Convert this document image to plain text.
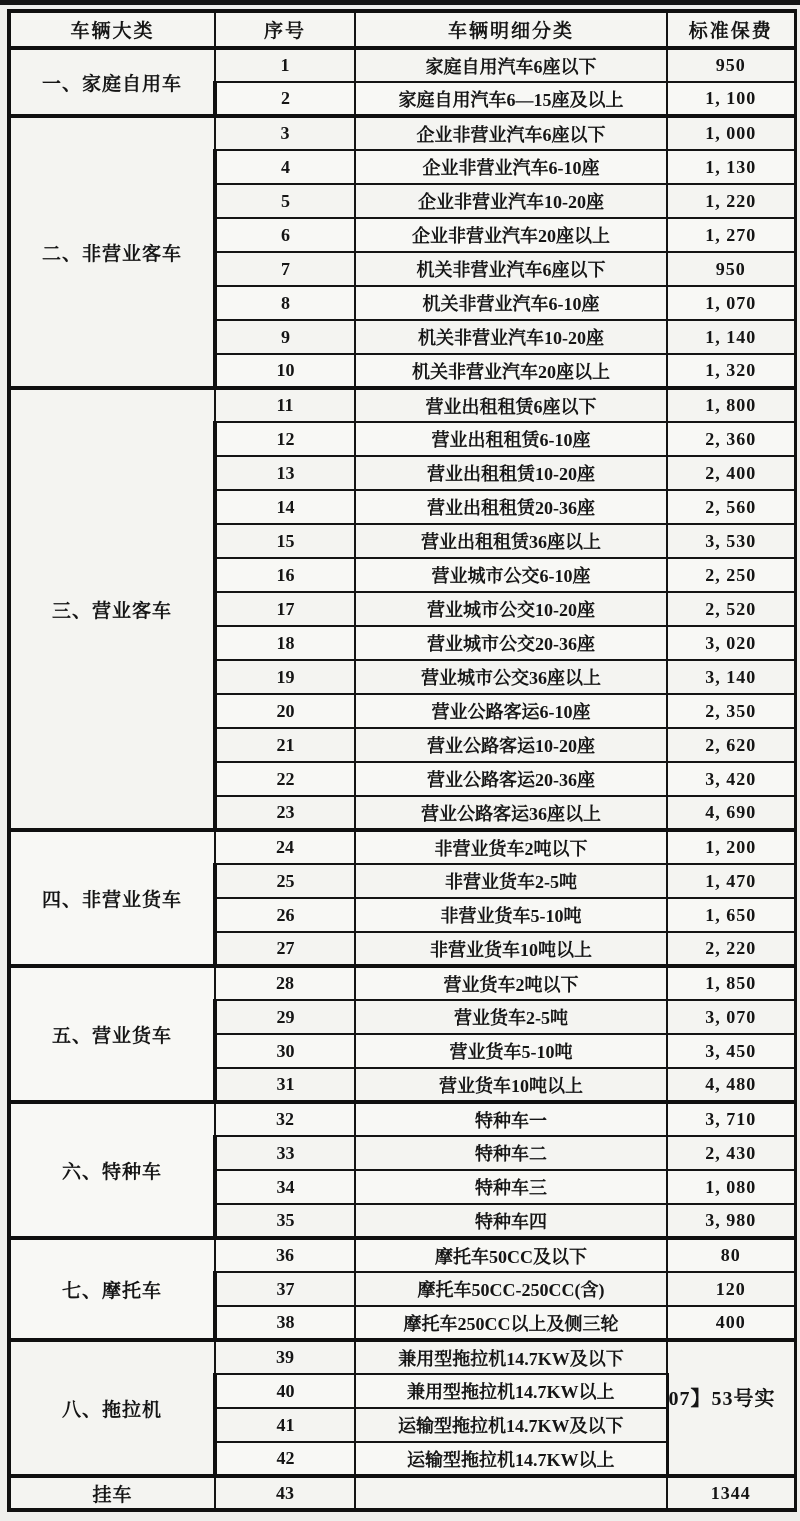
车辆大类	序号	车辆明细分类	标准保费
一、家庭自用车	1	家庭自用汽车6座以下	950
	2	家庭自用汽车6—15座及以上	1, 100
二、非营业客车	3	企业非营业汽车6座以下	1, 000
	4	企业非营业汽车6-10座	1, 130
	5	企业非营业汽车10-20座	1, 220
	6	企业非营业汽车20座以上	1, 270
	7	机关非营业汽车6座以下	950
	8	机关非营业汽车6-10座	1, 070
	9	机关非营业汽车10-20座	1, 140
	10	机关非营业汽车20座以上	1, 320
三、营业客车	11	营业出租租赁6座以下	1, 800
	12	营业出租租赁6-10座	2, 360
	13	营业出租租赁10-20座	2, 400
	14	营业出租租赁20-36座	2, 560
	15	营业出租租赁36座以上	3, 530
	16	营业城市公交6-10座	2, 250
	17	营业城市公交10-20座	2, 520
	18	营业城市公交20-36座	3, 020
	19	营业城市公交36座以上	3, 140
	20	营业公路客运6-10座	2, 350
	21	营业公路客运10-20座	2, 620
	22	营业公路客运20-36座	3, 420
	23	营业公路客运36座以上	4, 690
四、非营业货车	24	非营业货车2吨以下	1, 200
	25	非营业货车2-5吨	1, 470
	26	非营业货车5-10吨	1, 650
	27	非营业货车10吨以上	2, 220
五、营业货车	28	营业货车2吨以下	1, 850
	29	营业货车2-5吨	3, 070
	30	营业货车5-10吨	3, 450
	31	营业货车10吨以上	4, 480
六、特种车	32	特种车一	3, 710
	33	特种车二	2, 430
	34	特种车三	1, 080
	35	特种车四	3, 980
七、摩托车	36	摩托车50CC及以下	80
	37	摩托车50CC-250CC(含)	120
	38	摩托车250CC以上及侧三轮	400
八、拖拉机	39	兼用型拖拉机14.7KW及以下	07】53号实
	40	兼用型拖拉机14.7KW以上	
	41	运输型拖拉机14.7KW及以下	
	42	运输型拖拉机14.7KW以上	
挂车	43		1344
